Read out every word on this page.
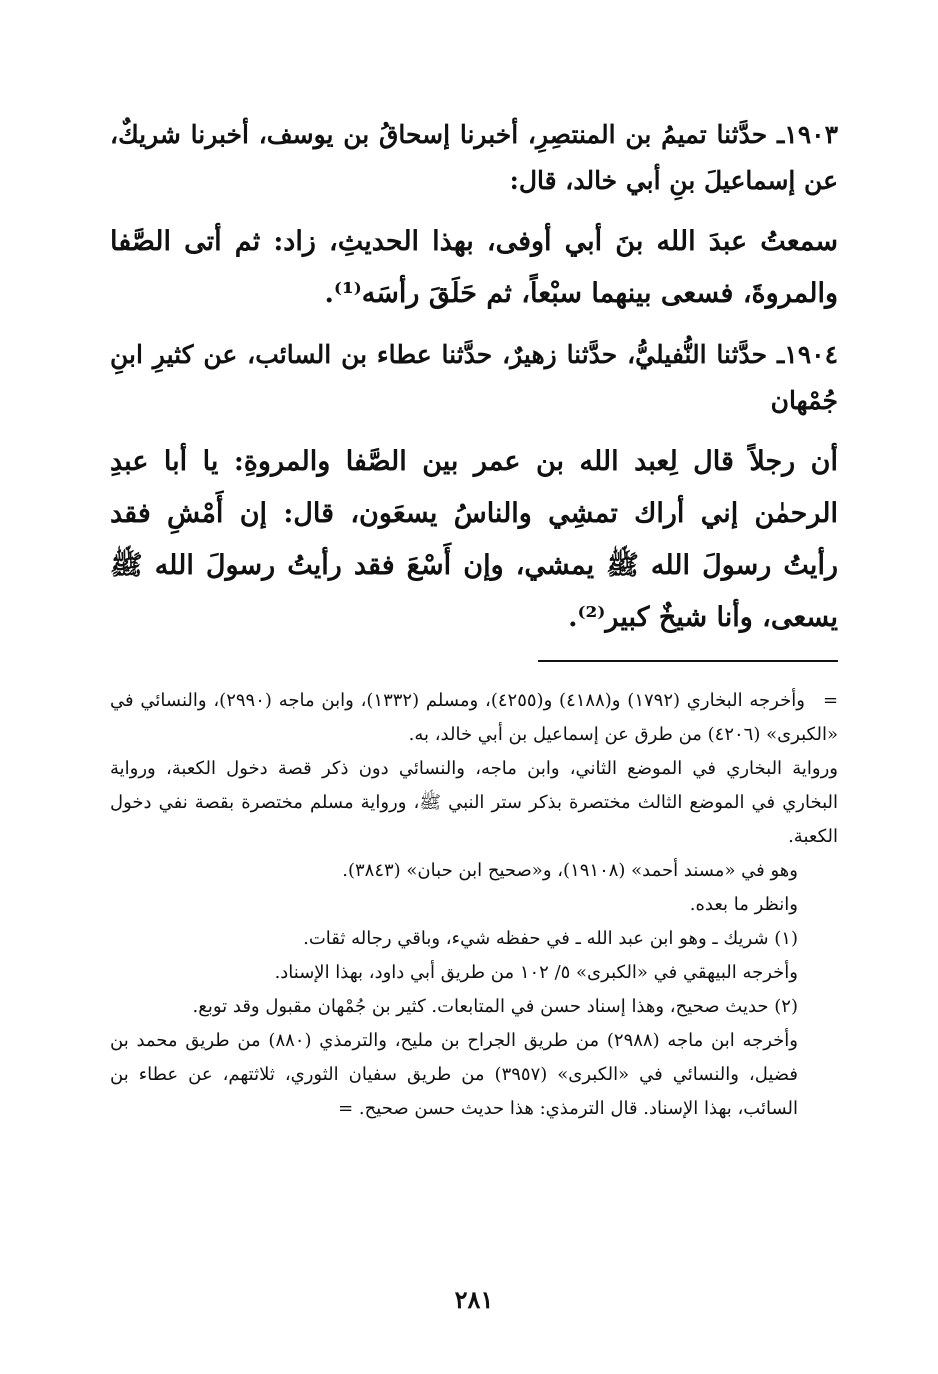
١٩٠٣ـ حدَّثنا تميمُ بن المنتصِرِ، أخبرنا إسحاقُ بن يوسف، أخبرنا شريكٌ، عن إسماعيلَ بنِ أبي خالد، قال:

سمعتُ عبدَ الله بنَ أبي أوفى، بهذا الحديثِ، زاد: ثم أتى الصَّفا والمروةَ، فسعى بينهما سبْعاً، ثم حَلَقَ رأسَه⁽¹⁾.

١٩٠٤ـ حدَّثنا النُّفيليُّ، حدَّثنا زهيرٌ، حدَّثنا عطاء بن السائب، عن كثيرِ ابنِ جُمْهان

أن رجلاً قال لِعبد الله بن عمر بين الصَّفا والمروةِ: يا أبا عبدِ الرحمٰن إني أراك تمشِي والناسُ يسعَون، قال: إن أَمْشِ فقد رأيتُ رسولَ الله ﷺ يمشي، وإن أَسْعَ فقد رأيتُ رسولَ الله ﷺ يسعى، وأنا شيخٌ كبير⁽²⁾.

=وأخرجه البخاري (١٧٩٢) و(٤١٨٨) و(٤٢٥٥)، ومسلم (١٣٣٢)، وابن ماجه (٢٩٩٠)، والنسائي في «الكبرى» (٤٢٠٦) من طرق عن إسماعيل بن أبي خالد، به.

ورواية البخاري في الموضع الثاني، وابن ماجه، والنسائي دون ذكر قصة دخول الكعبة، ورواية البخاري في الموضع الثالث مختصرة بذكر ستر النبي ﷺ، ورواية مسلم مختصرة بقصة نفي دخول الكعبة.

وهو في «مسند أحمد» (١٩١٠٨)، و«صحيح ابن حبان» (٣٨٤٣).

وانظر ما بعده.

(١) شريك ـ وهو ابن عبد الله ـ في حفظه شيء، وباقي رجاله ثقات.

وأخرجه البيهقي في «الكبرى» ٥/ ١٠٢ من طريق أبي داود، بهذا الإسناد.

(٢) حديث صحيح، وهذا إسناد حسن في المتابعات. كثير بن جُمْهان مقبول وقد توبع.

وأخرجه ابن ماجه (٢٩٨٨) من طريق الجراح بن مليح، والترمذي (٨٨٠) من طريق محمد بن فضيل، والنسائي في «الكبرى» (٣٩٥٧) من طريق سفيان الثوري، ثلاثتهم، عن عطاء بن السائب، بهذا الإسناد. قال الترمذي: هذا حديث حسن صحيح. =

٢٨١
